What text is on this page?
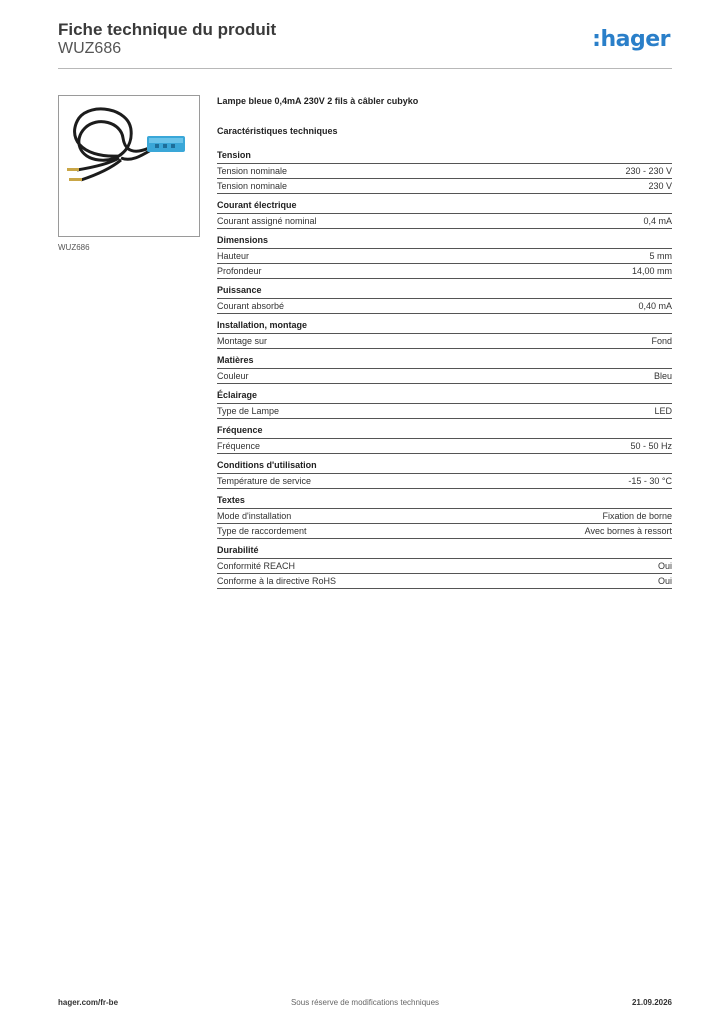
Fiche technique du produit
WUZ686	:hager
WUZ686
Lampe bleue 0,4mA 230V 2 fils à câbler cubyko
Caractéristiques techniques
Tension
Tension nominale	230 - 230 V
Tension nominale	230 V
Courant électrique
Courant assigné nominal	0,4 mA
Dimensions
Hauteur	5 mm
Profondeur	14,00 mm
Puissance
Courant absorbé	0,40 mA
Installation, montage
Montage sur	Fond
Matières
Couleur	Bleu
Éclairage
Type de Lampe	LED
Fréquence
Fréquence	50 - 50 Hz
Conditions d'utilisation
Température de service	-15 - 30 °C
Textes
Mode d'installation	Fixation de borne
Type de raccordement	Avec bornes à ressort
Durabilité
Conformité REACH	Oui
Conforme à la directive RoHS	Oui
hager.com/fr-be	Sous réserve de modifications techniques	21.09.2026
